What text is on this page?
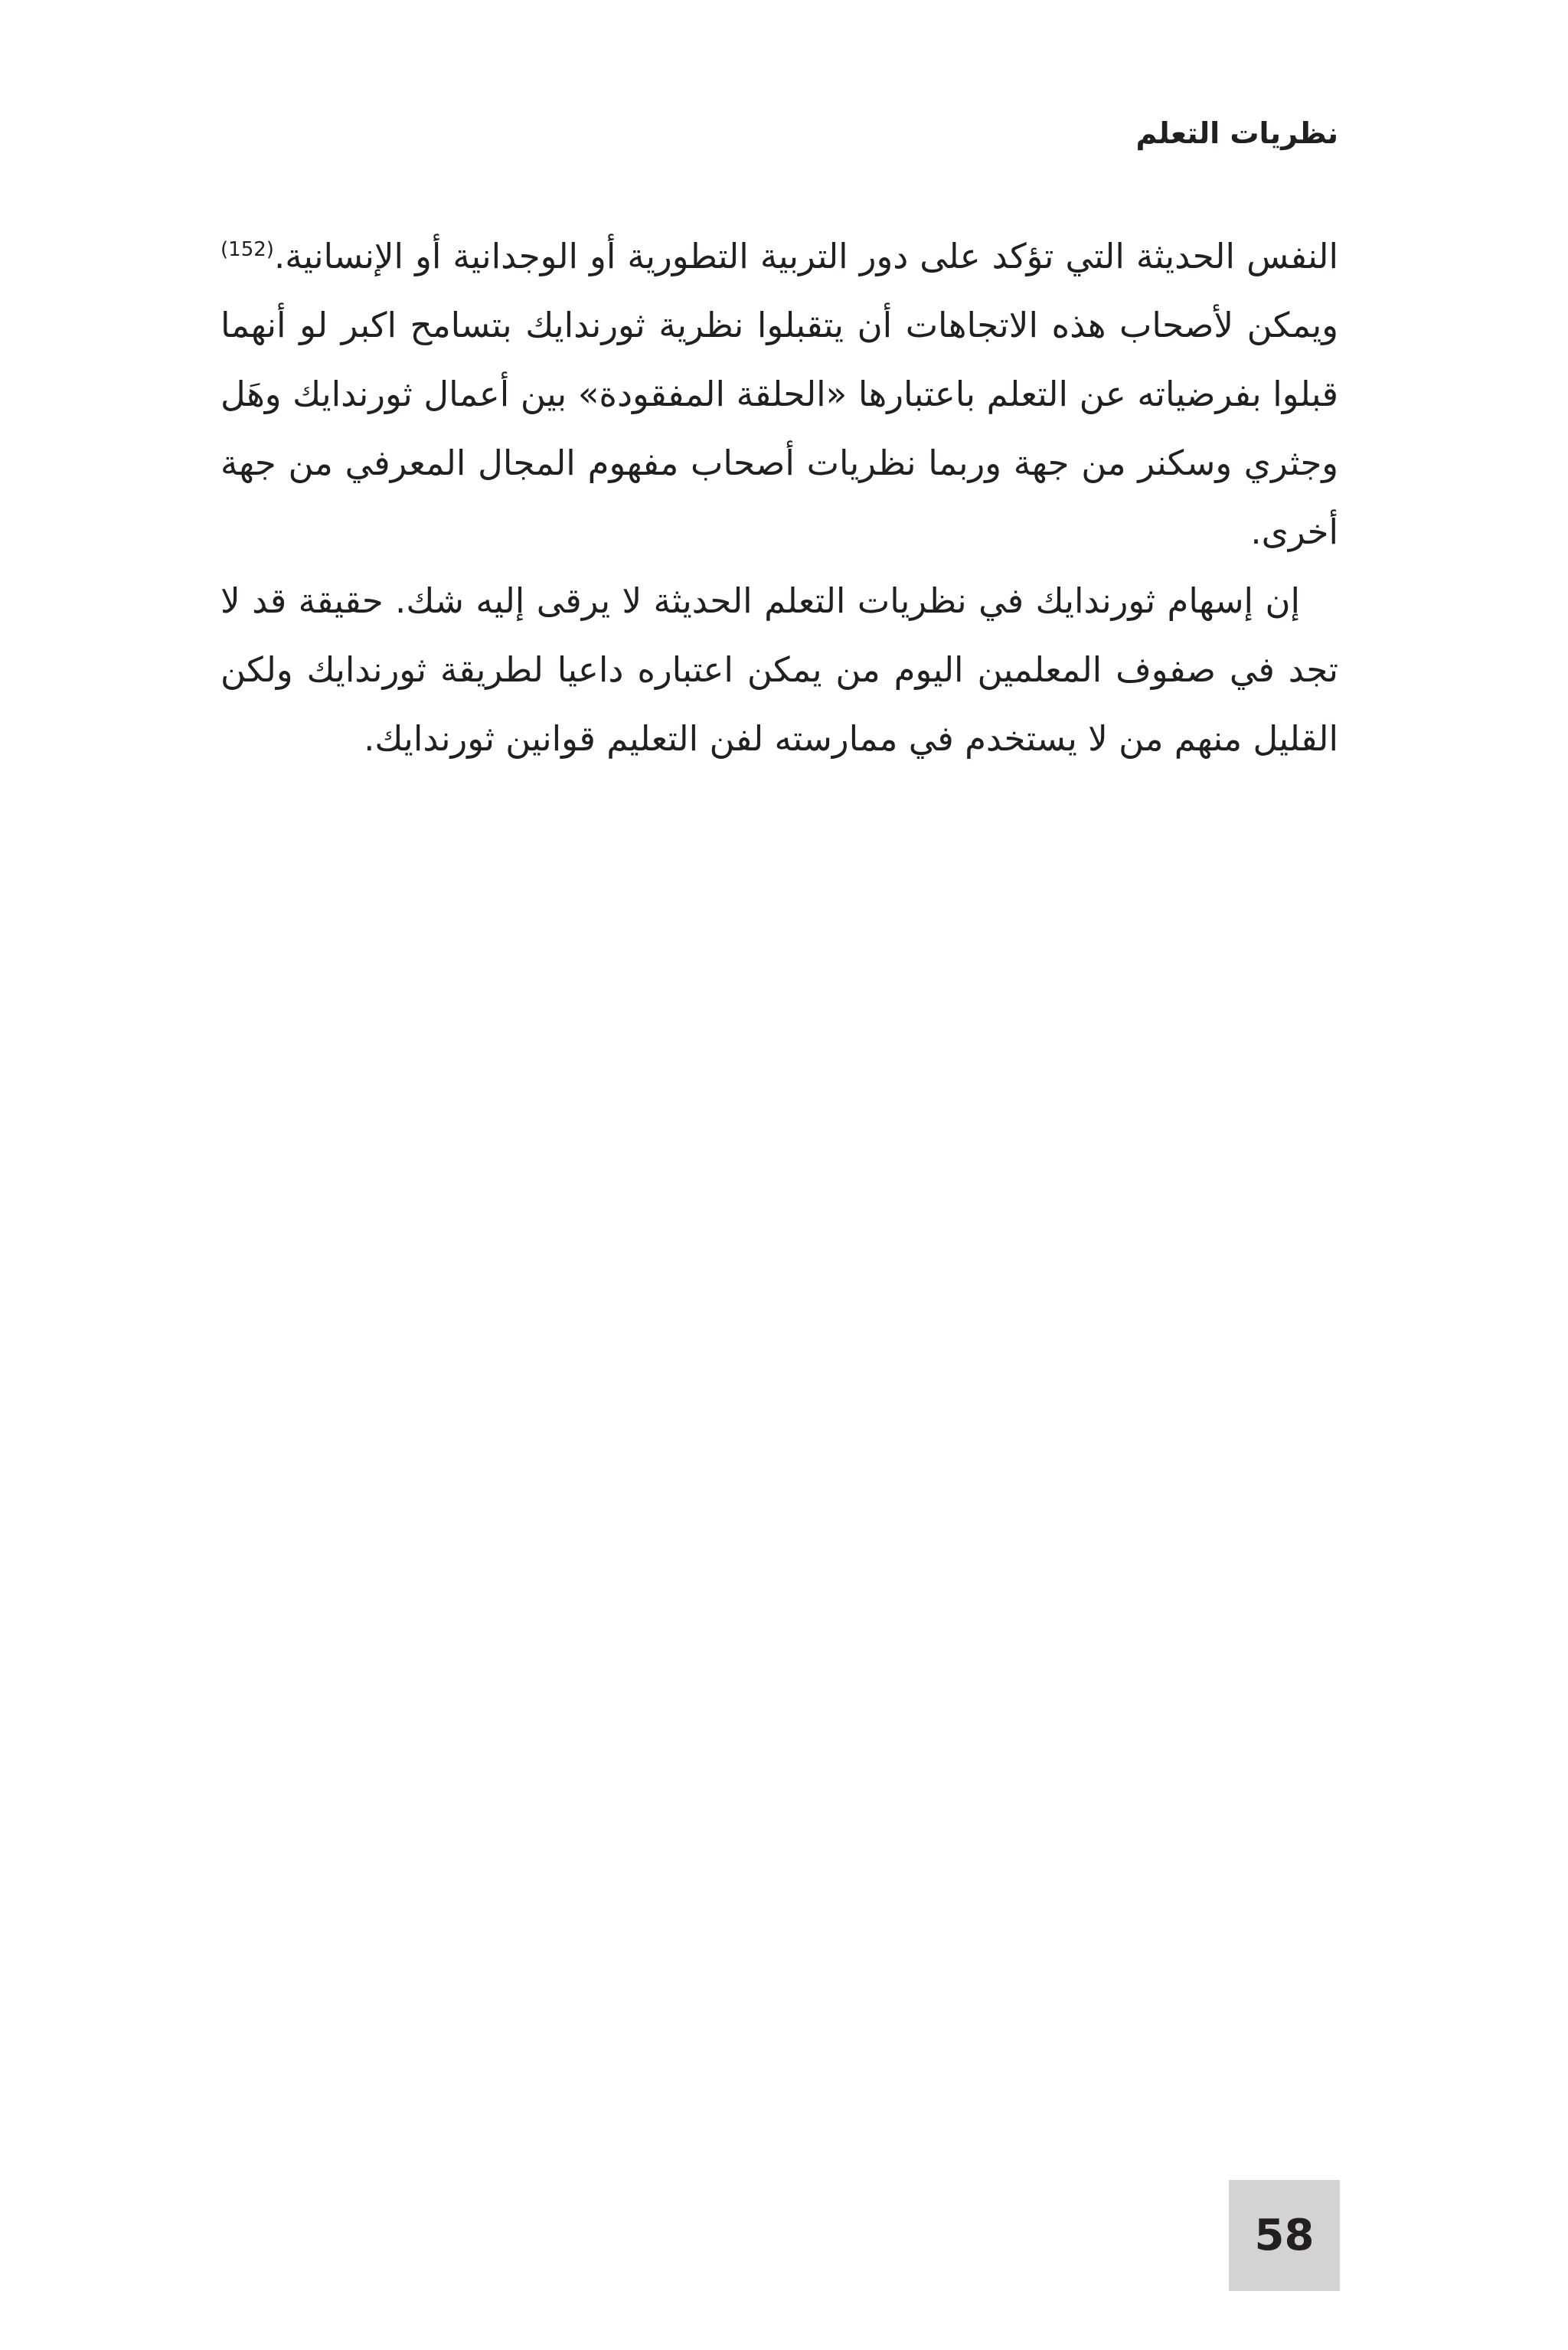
نظريات التعلم

النفس الحديثة التي تؤكد على دور التربية التطورية أو الوجدانية أو الإنسانية.$^{(152)}$ ويمكن لأصحاب هذه الاتجاهات أن يتقبلوا نظرية ثورندايك بتسامح اكبر لو أنهما قبلوا بفرضياته عن التعلم باعتبارها «الحلقة المفقودة» بين أعمال ثورندايك وهَل وجثري وسكنر من جهة وربما نظريات أصحاب مفهوم المجال المعرفي من جهة أخرى.

إن إسهام ثورندايك في نظريات التعلم الحديثة لا يرقى إليه شك. حقيقة قد لا تجد في صفوف المعلمين اليوم من يمكن اعتباره داعيا لطريقة ثورندايك ولكن القليل منهم من لا يستخدم في ممارسته لفن التعليم قوانين ثورندايك.

58
